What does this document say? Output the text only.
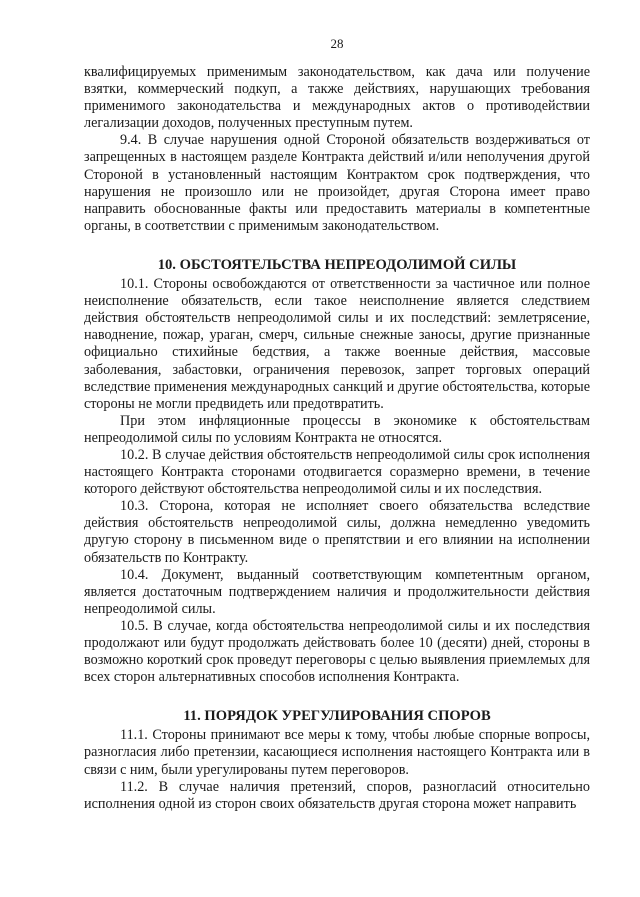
28

квалифицируемых применимым законодательством, как дача или получение взятки, коммерческий подкуп, а также действиях, нарушающих требования применимого законодательства и международных актов о противодействии легализации доходов, полученных преступным путем.

9.4. В случае нарушения одной Стороной обязательств воздерживаться от запрещенных в настоящем разделе Контракта действий и/или неполучения другой Стороной в установленный настоящим Контрактом срок подтверждения, что нарушения не произошло или не произойдет, другая Сторона имеет право направить обоснованные факты или предоставить материалы в компетентные органы, в соответствии с применимым законодательством.

10. ОБСТОЯТЕЛЬСТВА НЕПРЕОДОЛИМОЙ СИЛЫ

10.1. Стороны освобождаются от ответственности за частичное или полное неисполнение обязательств, если такое неисполнение является следствием действия обстоятельств непреодолимой силы и их последствий: землетрясение, наводнение, пожар, ураган, смерч, сильные снежные заносы, другие признанные официально стихийные бедствия, а также военные действия, массовые заболевания, забастовки, ограничения перевозок, запрет торговых операций вследствие применения международных санкций и другие обстоятельства, которые стороны не могли предвидеть или предотвратить.

При этом инфляционные процессы в экономике к обстоятельствам непреодолимой силы по условиям Контракта не относятся.

10.2. В случае действия обстоятельств непреодолимой силы срок исполнения настоящего Контракта сторонами отодвигается соразмерно времени, в течение которого действуют обстоятельства непреодолимой силы и их последствия.

10.3. Сторона, которая не исполняет своего обязательства вследствие действия обстоятельств непреодолимой силы, должна немедленно уведомить другую сторону в письменном виде о препятствии и его влиянии на исполнении обязательств по Контракту.

10.4. Документ, выданный соответствующим компетентным органом, является достаточным подтверждением наличия и продолжительности действия непреодолимой силы.

10.5. В случае, когда обстоятельства непреодолимой силы и их последствия продолжают или будут продолжать действовать более 10 (десяти) дней, стороны в возможно короткий срок проведут переговоры с целью выявления приемлемых для всех сторон альтернативных способов исполнения Контракта.

11. ПОРЯДОК УРЕГУЛИРОВАНИЯ СПОРОВ

11.1. Стороны принимают все меры к тому, чтобы любые спорные вопросы, разногласия либо претензии, касающиеся исполнения настоящего Контракта или в связи с ним, были урегулированы путем переговоров.

11.2. В случае наличия претензий, споров, разногласий относительно исполнения одной из сторон своих обязательств другая сторона может направить
